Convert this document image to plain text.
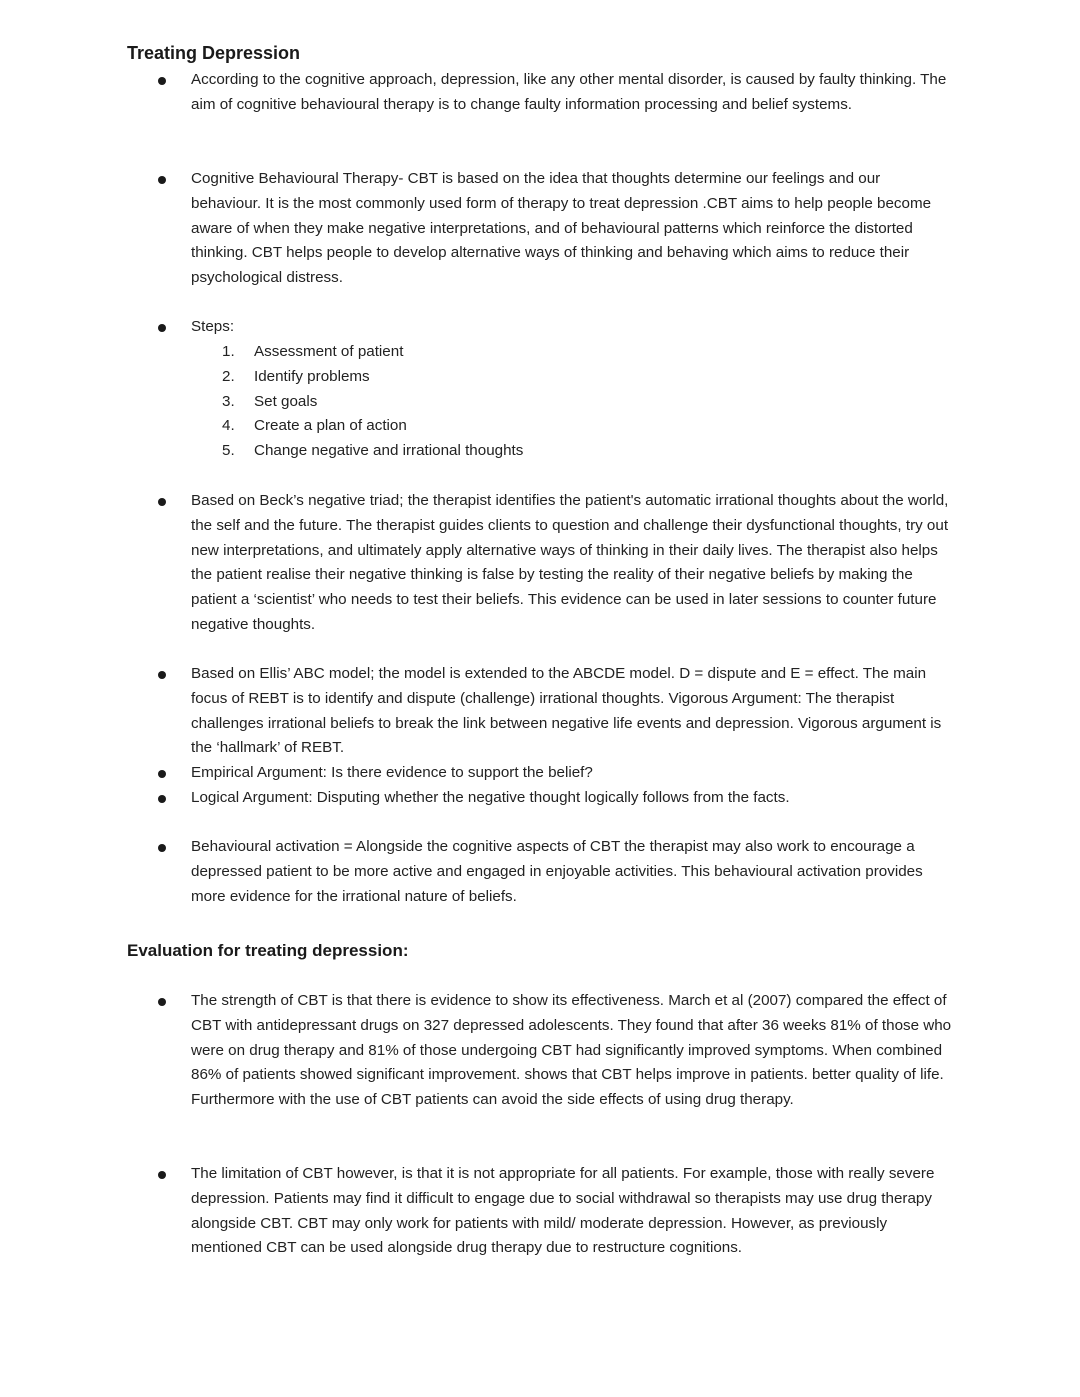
Treating Depression

According to the cognitive approach, depression, like any other mental disorder, is caused by faulty thinking. The aim of cognitive behavioural therapy is to change faulty information processing and belief systems.

Cognitive Behavioural Therapy- CBT is based on the idea that thoughts determine our feelings and our behaviour. It is the most commonly used form of therapy to treat depression .CBT aims to help people become aware of when they make negative interpretations, and of behavioural patterns which reinforce the distorted thinking. CBT helps people to develop alternative ways of thinking and behaving which aims to reduce their psychological distress.

Steps:

1. Assessment of patient

2. Identify problems

3. Set goals

4. Create a plan of action

5. Change negative and irrational thoughts

Based on Beck’s negative triad; the therapist identifies the patient's automatic irrational thoughts about the world, the self and the future. The therapist guides clients to question and challenge their dysfunctional thoughts, try out new interpretations, and ultimately apply alternative ways of thinking in their daily lives. The therapist also helps the patient realise their negative thinking is false by testing the reality of their negative beliefs by making the patient a ‘scientist’ who needs to test their beliefs. This evidence can be used in later sessions to counter future negative thoughts.

Based on Ellis’ ABC model; the model is extended to the ABCDE model. D = dispute and E = effect. The main focus of REBT is to identify and dispute (challenge) irrational thoughts. Vigorous Argument: The therapist challenges irrational beliefs to break the link between negative life events and depression. Vigorous argument is the ‘hallmark’ of REBT.

Empirical Argument: Is there evidence to support the belief?

Logical Argument: Disputing whether the negative thought logically follows from the facts.

Behavioural activation = Alongside the cognitive aspects of CBT the therapist may also work to encourage a depressed patient to be more active and engaged in enjoyable activities. This behavioural activation provides more evidence for the irrational nature of beliefs.

Evaluation for treating depression:

The strength of CBT is that there is evidence to show its effectiveness. March et al (2007) compared the effect of CBT with antidepressant drugs on 327 depressed adolescents. They found that after 36 weeks 81% of those who were on drug therapy and 81% of those undergoing CBT had significantly improved symptoms. When combined 86% of patients showed significant improvement. shows that CBT helps improve in patients. better quality of life. Furthermore with the use of CBT patients can avoid the side effects of using drug therapy.

The limitation of CBT however, is that it is not appropriate for all patients. For example, those with really severe depression. Patients may find it difficult to engage due to social withdrawal so therapists may use drug therapy alongside CBT. CBT may only work for patients with mild/ moderate depression. However, as previously mentioned CBT can be used alongside drug therapy due to restructure cognitions.
